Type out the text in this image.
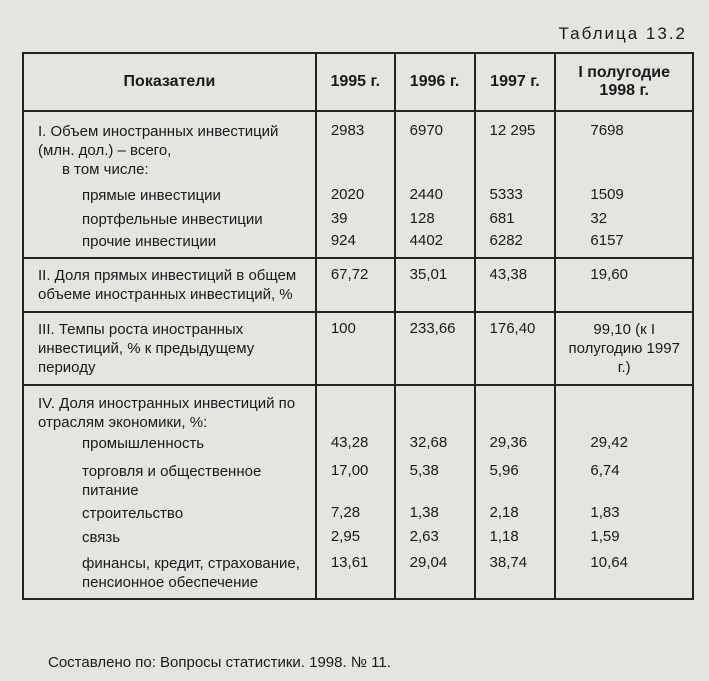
Таблица 13.2
Показатели	1995 г.	1996 г.	1997 г.	I полугодие 1998 г.
I. Объем иностранных инвестиций (млн. дол.) – всего,	2983	6970	12 295	7698
в том числе:				
прямые инвестиции	2020	2440	5333	1509
портфельные инвестиции	39	128	681	32
прочие инвестиции	924	4402	6282	6157
II. Доля прямых инвестиций в общем объеме иностранных инвестиций, %	67,72	35,01	43,38	19,60
III. Темпы роста иностранных инвестиций, % к предыдущему периоду	100	233,66	176,40	99,10 (к I полугодию 1997 г.)
IV. Доля иностранных инвестиций по отраслям экономики, %:				
промышленность	43,28	32,68	29,36	29,42
торговля и общественное питание	17,00	5,38	5,96	6,74
строительство	7,28	1,38	2,18	1,83
связь	2,95	2,63	1,18	1,59
финансы, кредит, страхование, пенсионное обеспечение	13,61	29,04	38,74	10,64
Составлено по: Вопросы статистики. 1998. № 11.
